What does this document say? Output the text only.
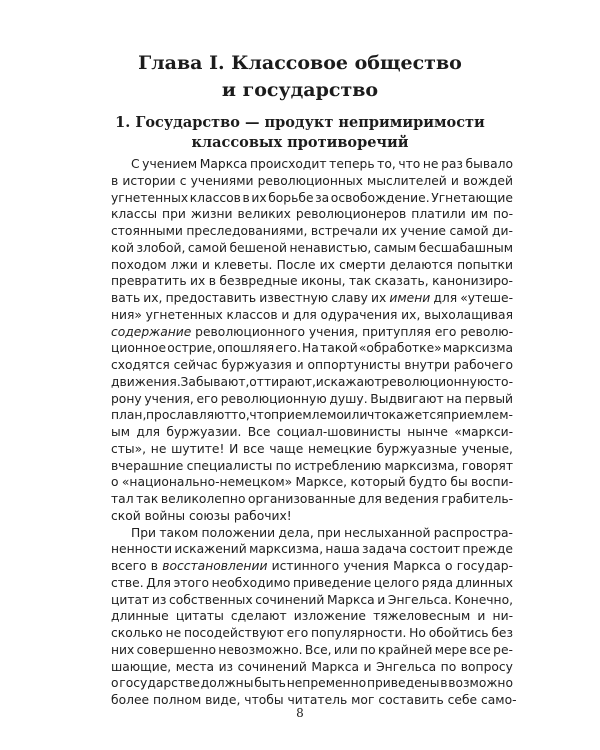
Глава I. Классовое общество
и государство
1. Государство — продукт непримиримости
классовых противоречий
С учением Маркса происходит теперь то, что не раз бывало
в истории с учениями революционных мыслителей и вождей
угнетенных классов в их борьбе за освобождение. Угнетающие
классы при жизни великих революционеров платили им по-
стоянными преследованиями, встречали их учение самой ди-
кой злобой, самой бешеной ненавистью, самым бесшабашным
походом лжи и клеветы. После их смерти делаются попытки
превратить их в безвредные иконы, так сказать, канонизиро-
вать их, предоставить известную славу их имени для «утеше-
ния» угнетенных классов и для одурачения их, выхолащивая
содержание революционного учения, притупляя его револю-
ционное острие, опошляя его. На такой «обработке» марксизма
сходятся сейчас буржуазия и оппортунисты внутри рабочего
движения. Забывают, оттирают, искажают революционную сто-
рону учения, его революционную душу. Выдвигают на первый
план, прославляют то, что приемлемо или что кажется приемлем-
ым для буржуазии. Все социал-шовинисты нынче «маркси-
сты», не шутите! И все чаще немецкие буржуазные ученые,
вчерашние специалисты по истреблению марксизма, говорят
о «национально-немецком» Марксе, который будто бы воспи-
тал так великолепно организованные для ведения грабитель-
ской войны союзы рабочих!
При таком положении дела, при неслыханной распростра-
ненности искажений марксизма, наша задача состоит прежде
всего в восстановлении истинного учения Маркса о государ-
стве. Для этого необходимо приведение целого ряда длинных
цитат из собственных сочинений Маркса и Энгельса. Конечно,
длинные цитаты сделают изложение тяжеловесным и ни-
сколько не посодействуют его популярности. Но обойтись без
них совершенно невозможно. Все, или по крайней мере все ре-
шающие, места из сочинений Маркса и Энгельса по вопросу
о государстве должны быть непременно приведены в возможно
более полном виде, чтобы читатель мог составить себе само-
8
